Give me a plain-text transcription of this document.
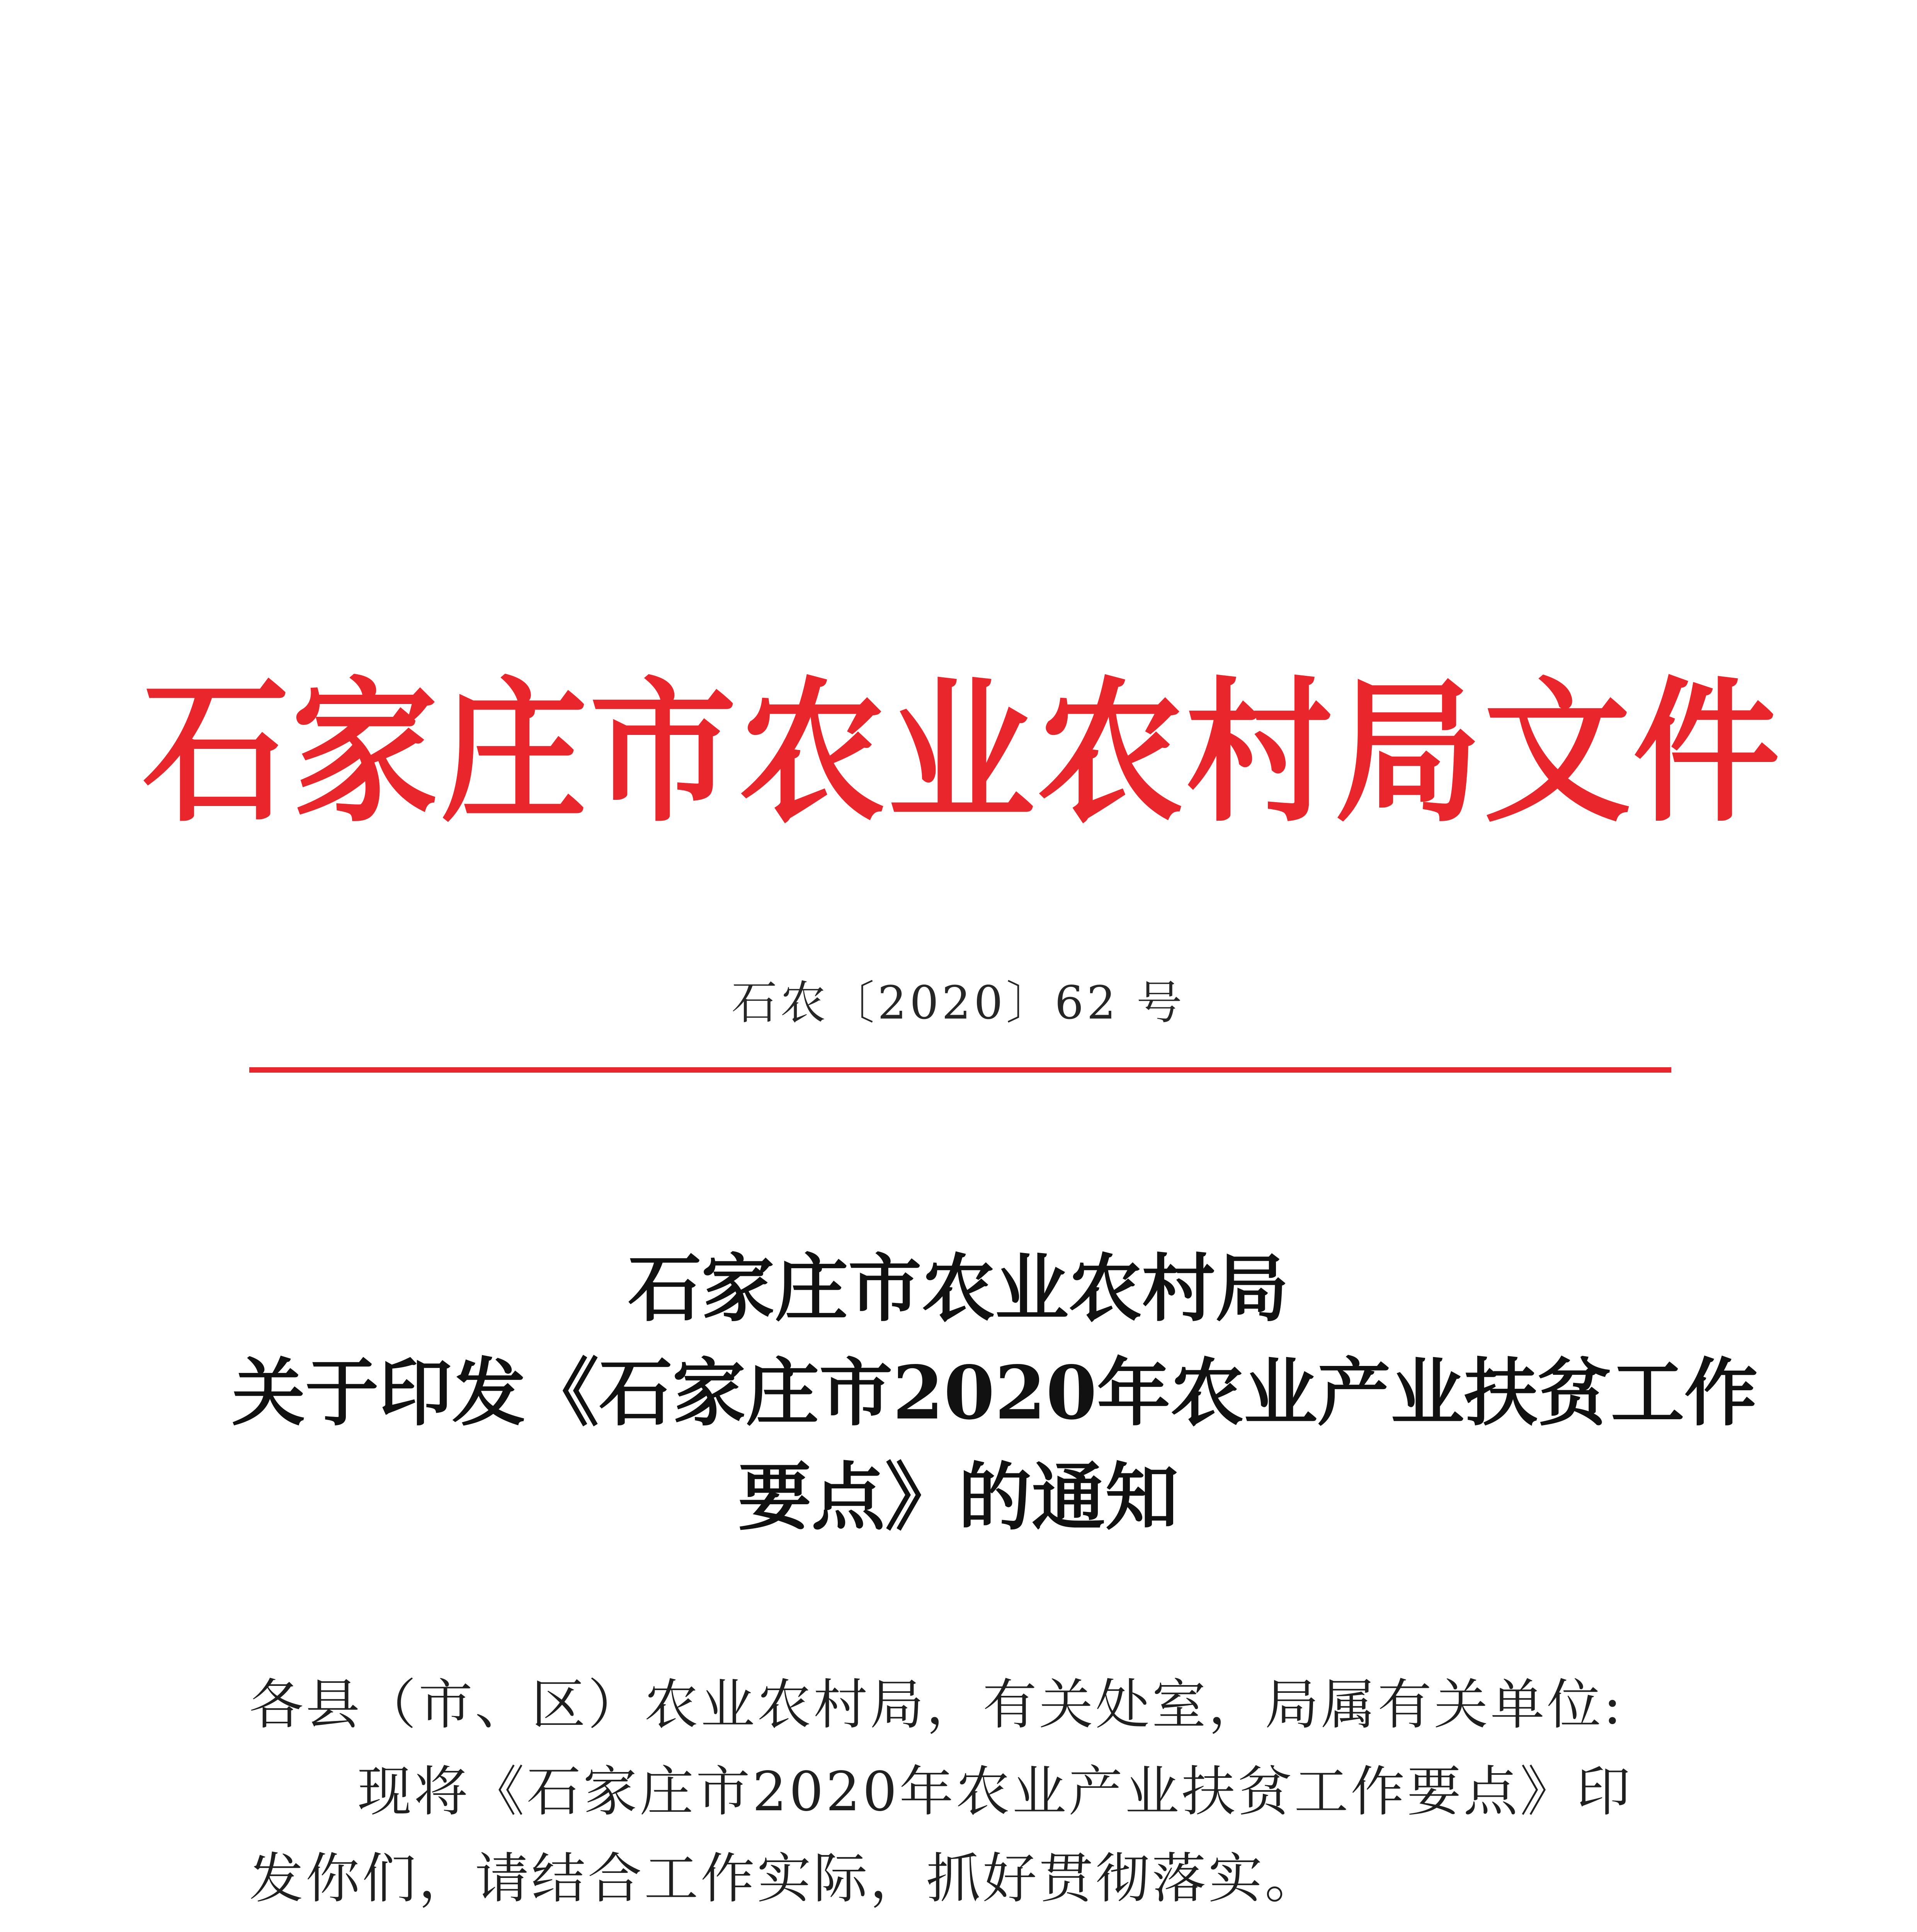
石家庄市农业农村局文件
石农〔2020〕62 号
石家庄市农业农村局
关于印发《石家庄市2020年农业产业扶贫工作
要点》的通知
各县（市、区）农业农村局，有关处室，局属有关单位:
现将《石家庄市2020年农业产业扶贫工作要点》印发你们，请结合工作实际，抓好贯彻落实。
